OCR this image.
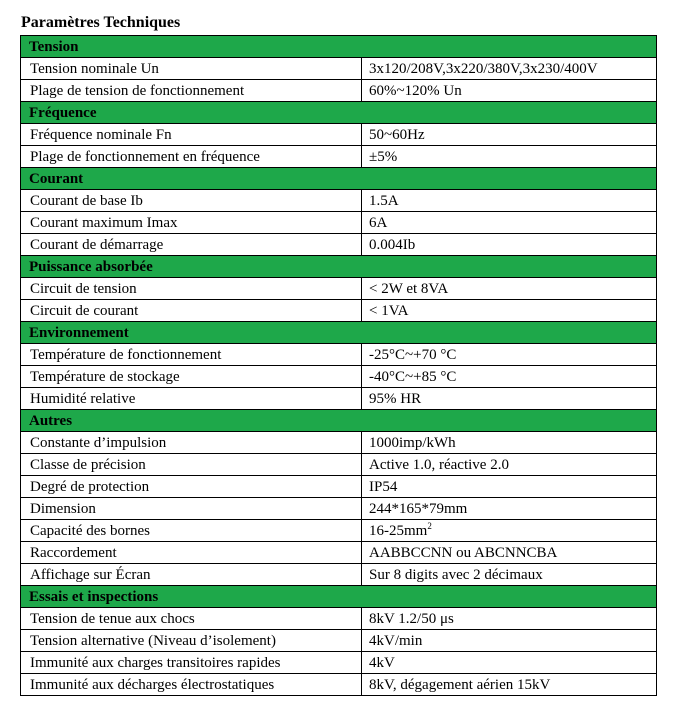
Paramètres Techniques
Tension	
Tension nominale Un	3x120/208V,3x220/380V,3x230/400V
Plage de tension de fonctionnement	60%~120% Un
Fréquence	
Fréquence nominale Fn	50~60Hz
Plage de fonctionnement en fréquence	±5%
Courant	
Courant de base Ib	1.5A
Courant maximum Imax	6A
Courant de démarrage	0.004Ib
Puissance absorbée	
Circuit de tension	< 2W et 8VA
Circuit de courant	< 1VA
Environnement	
Température de fonctionnement	-25°C~+70 °C
Température de stockage	-40°C~+85 °C
Humidité relative	95% HR
Autres	
Constante d’impulsion	1000imp/kWh
Classe de précision	Active 1.0, réactive 2.0
Degré de protection	IP54
Dimension	244*165*79mm
Capacité des bornes	$16-25mm^2$
Raccordement	AABBCCNN ou ABCNNCBA
Affichage sur Écran	Sur 8 digits avec 2 décimaux
Essais et inspections	
Tension de tenue aux chocs	8kV 1.2/50 μs
Tension alternative (Niveau d’isolement)	4kV/min
Immunité aux charges transitoires rapides	4kV
Immunité aux décharges électrostatiques	8kV, dégagement aérien 15kV
